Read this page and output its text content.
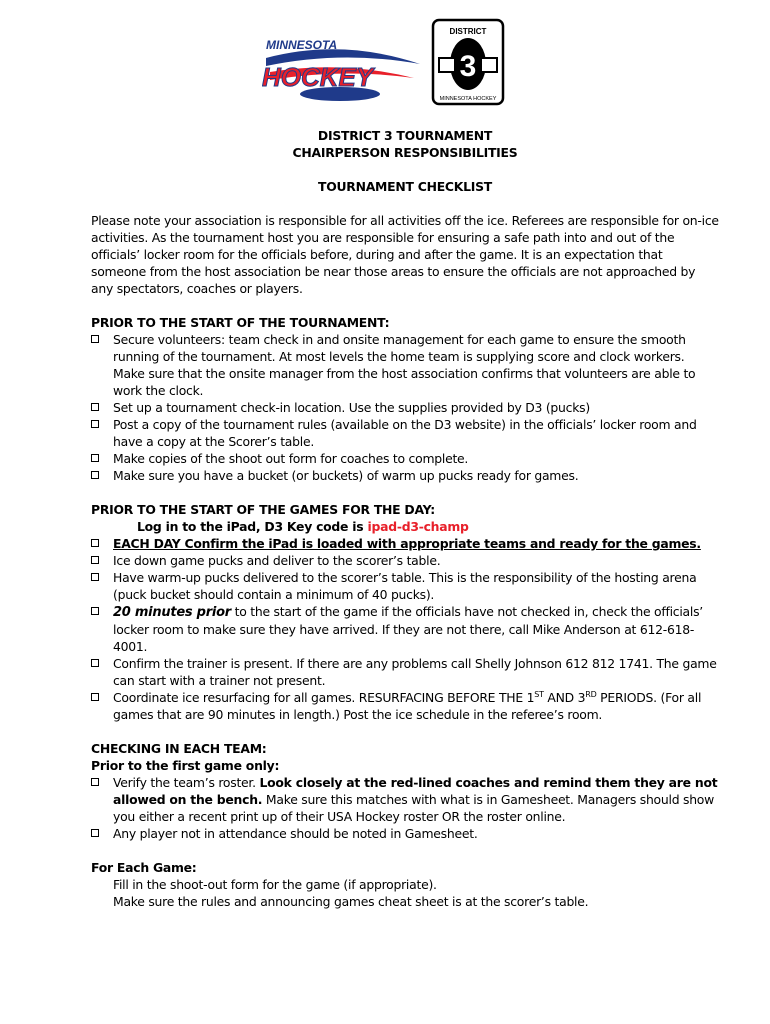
MINNESOTA
HOCKEY
DISTRICT
3
MINNESOTA HOCKEY
DISTRICT 3 TOURNAMENT
CHAIRPERSON RESPONSIBILITIES
TOURNAMENT CHECKLIST

Please note your association is responsible for all activities off the ice. Referees are responsible for on-ice activities. As the tournament host you are responsible for ensuring a safe path into and out of the officials’ locker room for the officials before, during and after the game. It is an expectation that someone from the host association be near those areas to ensure the officials are not approached by any spectators, coaches or players.

PRIOR TO THE START OF THE TOURNAMENT:
Secure volunteers: team check in and onsite management for each game to ensure the smooth running of the tournament. At most levels the home team is supplying score and clock workers. Make sure that the onsite manager from the host association confirms that volunteers are able to work the clock.
Set up a tournament check-in location. Use the supplies provided by D3 (pucks)
Post a copy of the tournament rules (available on the D3 website) in the officials’ locker room and have a copy at the Scorer’s table.
Make copies of the shoot out form for coaches to complete.
Make sure you have a bucket (or buckets) of warm up pucks ready for games.
PRIOR TO THE START OF THE GAMES FOR THE DAY:
Log in to the iPad, D3 Key code is ipad-d3-champ
EACH DAY Confirm the iPad is loaded with appropriate teams and ready for the games.
Ice down game pucks and deliver to the scorer’s table.
Have warm-up pucks delivered to the scorer’s table. This is the responsibility of the hosting arena (puck bucket should contain a minimum of 40 pucks).
20 minutes prior to the start of the game if the officials have not checked in, check the officials’ locker room to make sure they have arrived. If they are not there, call Mike Anderson at 612-618-4001.
Confirm the trainer is present. If there are any problems call Shelly Johnson 612 812 1741. The game can start with a trainer not present.
Coordinate ice resurfacing for all games. RESURFACING BEFORE THE 1ST AND 3RD PERIODS. (For all games that are 90 minutes in length.) Post the ice schedule in the referee’s room.
CHECKING IN EACH TEAM:
Prior to the first game only:
Verify the team’s roster. Look closely at the red-lined coaches and remind them they are not allowed on the bench. Make sure this matches with what is in Gamesheet. Managers should show you either a recent print up of their USA Hockey roster OR the roster online.
Any player not in attendance should be noted in Gamesheet.
For Each Game:
Fill in the shoot-out form for the game (if appropriate).
Make sure the rules and announcing games cheat sheet is at the scorer’s table.
